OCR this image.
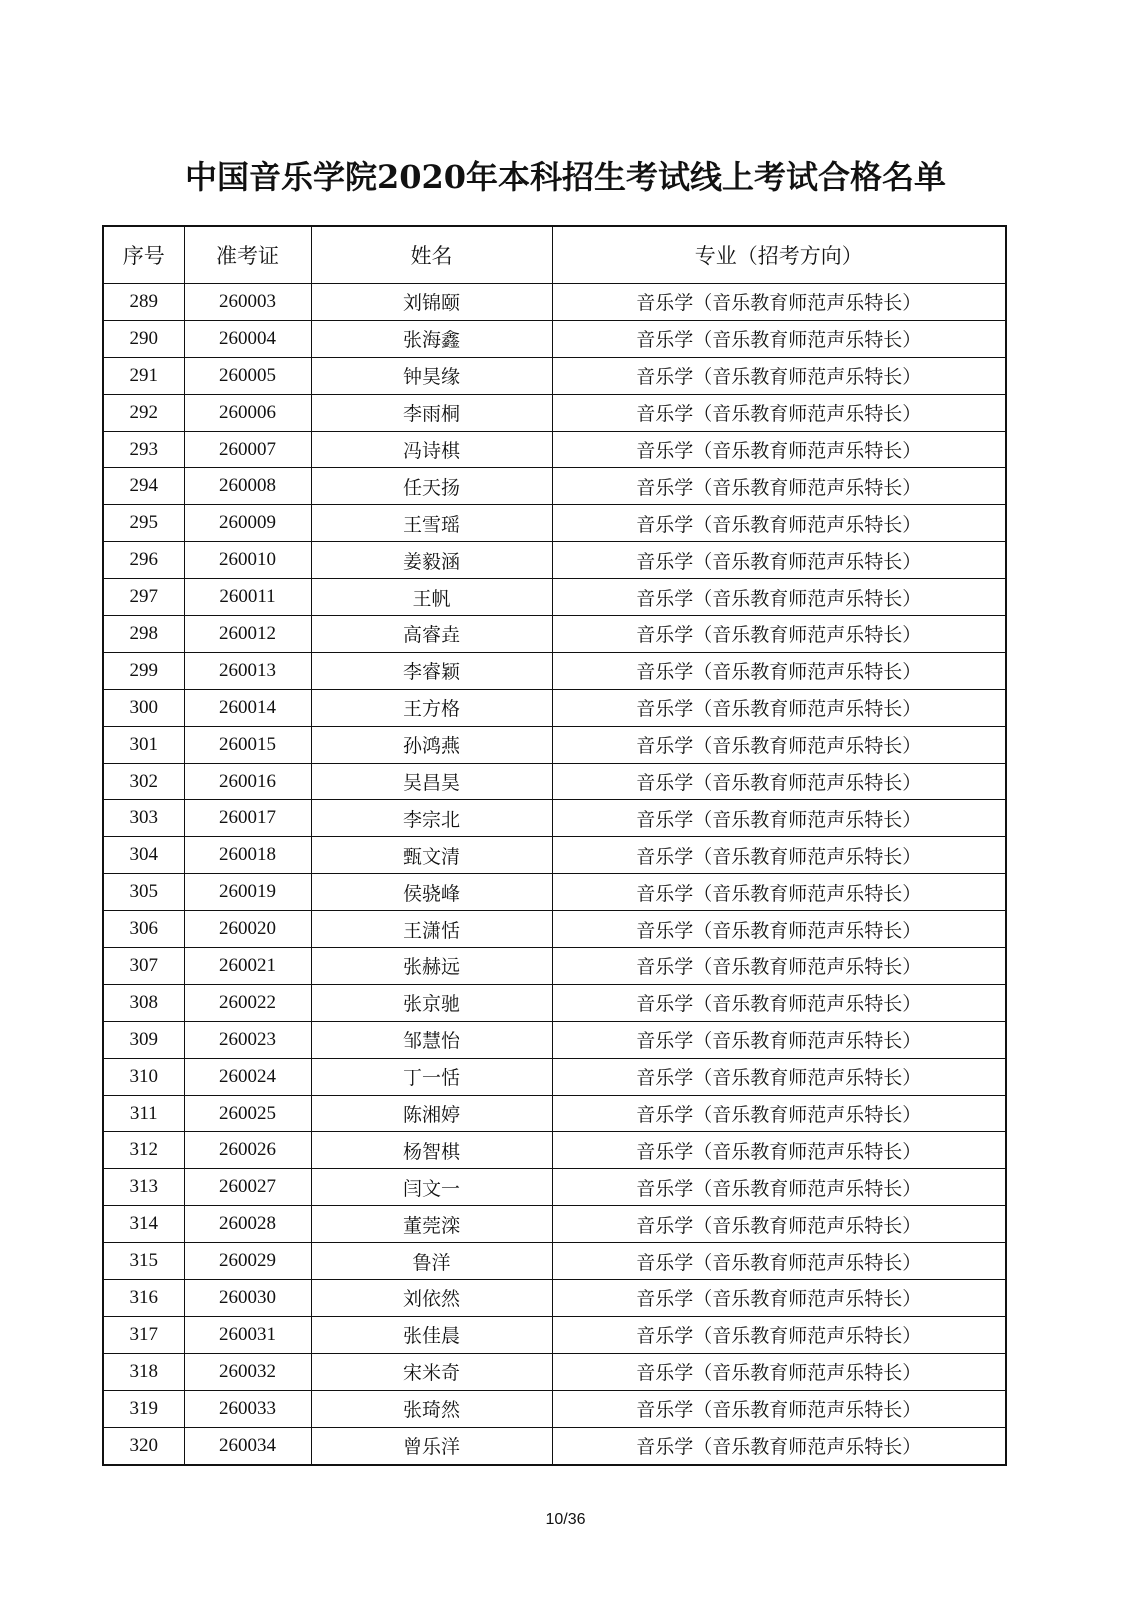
中国音乐学院2020年本科招生考试线上考试合格名单
序号	准考证	姓名	专业（招考方向）
289	260003	刘锦颐	音乐学（音乐教育师范声乐特长）
290	260004	张海鑫	音乐学（音乐教育师范声乐特长）
291	260005	钟昊缘	音乐学（音乐教育师范声乐特长）
292	260006	李雨桐	音乐学（音乐教育师范声乐特长）
293	260007	冯诗棋	音乐学（音乐教育师范声乐特长）
294	260008	任天扬	音乐学（音乐教育师范声乐特长）
295	260009	王雪瑶	音乐学（音乐教育师范声乐特长）
296	260010	姜毅涵	音乐学（音乐教育师范声乐特长）
297	260011	王帆	音乐学（音乐教育师范声乐特长）
298	260012	高睿垚	音乐学（音乐教育师范声乐特长）
299	260013	李睿颖	音乐学（音乐教育师范声乐特长）
300	260014	王方格	音乐学（音乐教育师范声乐特长）
301	260015	孙鸿燕	音乐学（音乐教育师范声乐特长）
302	260016	吴昌昊	音乐学（音乐教育师范声乐特长）
303	260017	李宗北	音乐学（音乐教育师范声乐特长）
304	260018	甄文清	音乐学（音乐教育师范声乐特长）
305	260019	侯骁峰	音乐学（音乐教育师范声乐特长）
306	260020	王潇恬	音乐学（音乐教育师范声乐特长）
307	260021	张赫远	音乐学（音乐教育师范声乐特长）
308	260022	张京驰	音乐学（音乐教育师范声乐特长）
309	260023	邹慧怡	音乐学（音乐教育师范声乐特长）
310	260024	丁一恬	音乐学（音乐教育师范声乐特长）
311	260025	陈湘婷	音乐学（音乐教育师范声乐特长）
312	260026	杨智棋	音乐学（音乐教育师范声乐特长）
313	260027	闫文一	音乐学（音乐教育师范声乐特长）
314	260028	董莞滦	音乐学（音乐教育师范声乐特长）
315	260029	鲁洋	音乐学（音乐教育师范声乐特长）
316	260030	刘依然	音乐学（音乐教育师范声乐特长）
317	260031	张佳晨	音乐学（音乐教育师范声乐特长）
318	260032	宋米奇	音乐学（音乐教育师范声乐特长）
319	260033	张琦然	音乐学（音乐教育师范声乐特长）
320	260034	曾乐洋	音乐学（音乐教育师范声乐特长）
10/36
